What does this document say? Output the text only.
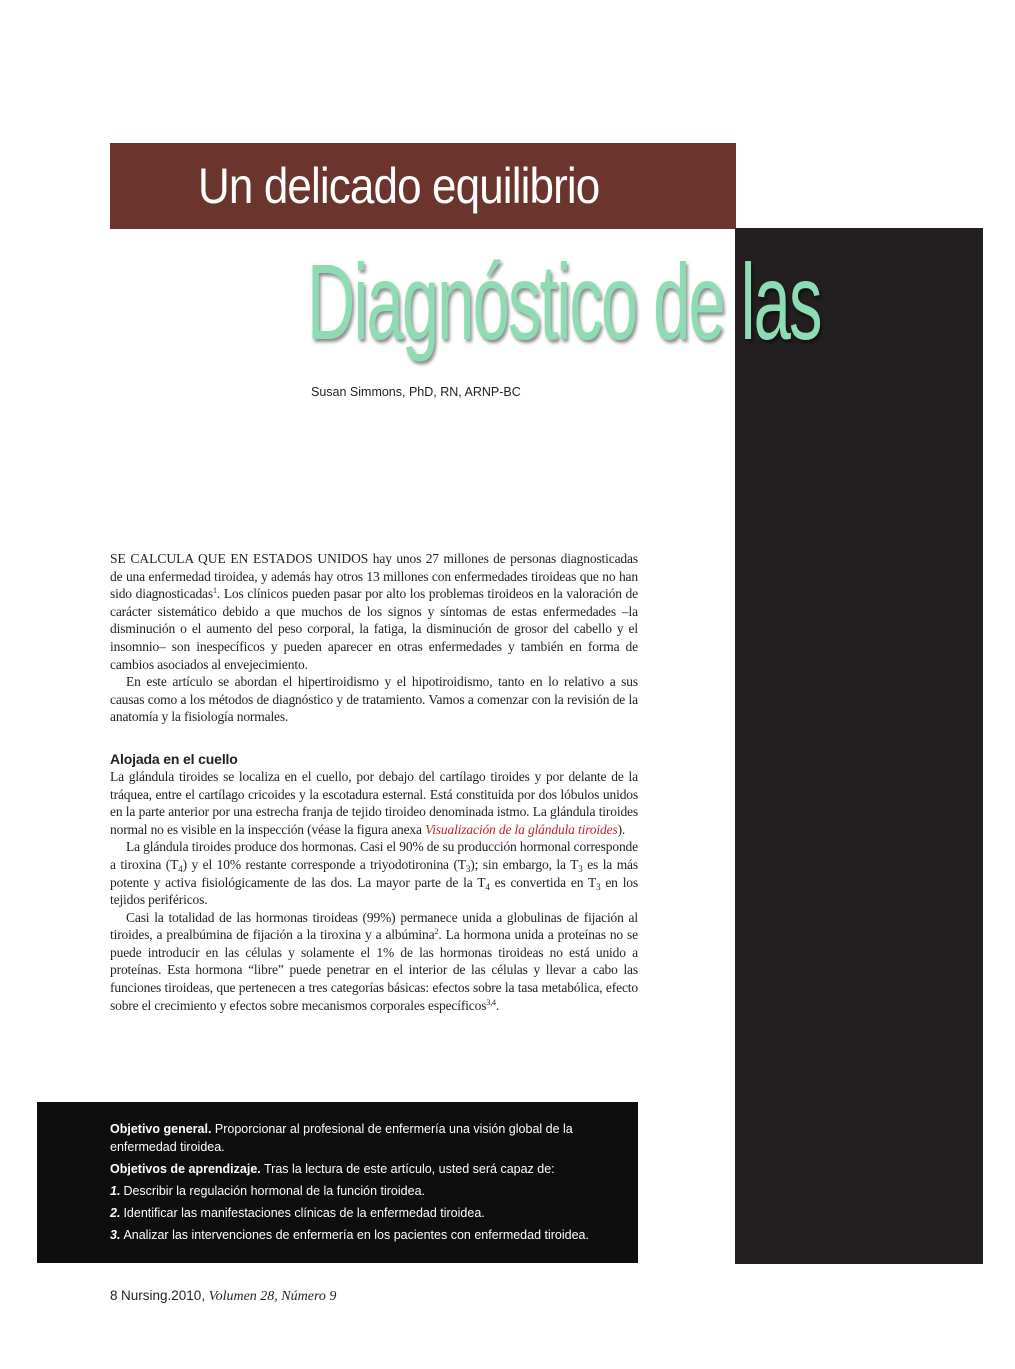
Un delicado equilibrio
Diagnóstico de las
Susan Simmons, PhD, RN, ARNP-BC

SE CALCULA QUE EN ESTADOS UNIDOS hay unos 27 millones de personas diagnosticadas de una enfermedad tiroidea, y además hay otros 13 millones con enfermedades tiroideas que no han sido diagnosticadas$^1$. Los clínicos pueden pasar por alto los problemas tiroideos en la valoración de carácter sistemático debido a que muchos de los signos y síntomas de estas enfermedades –la disminución o el aumento del peso corporal, la fatiga, la disminución de grosor del cabello y el insomnio– son inespecíficos y pueden aparecer en otras enfermedades y también en forma de cambios asociados al envejecimiento.

En este artículo se abordan el hipertiroidismo y el hipotiroidismo, tanto en lo relativo a sus causas como a los métodos de diagnóstico y de tratamiento. Vamos a comenzar con la revisión de la anatomía y la fisiología normales.

Alojada en el cuello

La glándula tiroides se localiza en el cuello, por debajo del cartílago tiroides y por delante de la tráquea, entre el cartílago cricoides y la escotadura esternal. Está constituida por dos lóbulos unidos en la parte anterior por una estrecha franja de tejido tiroideo denominada istmo. La glándula tiroides normal no es visible en la inspección (véase la figura anexa Visualización de la glándula tiroides).

La glándula tiroides produce dos hormonas. Casi el 90% de su producción hormonal corresponde a tiroxina $(T_4)$ y el 10% restante corresponde a triyodotironina $(T_3)$; sin embargo, la $T_3$ es la más potente y activa fisiológicamente de las dos. La mayor parte de la $T_4$ es convertida en $T_3$ en los tejidos periféricos.

Casi la totalidad de las hormonas tiroideas (99%) permanece unida a globulinas de fijación al tiroides, a prealbúmina de fijación a la tiroxina y a albúmina$^2$. La hormona unida a proteínas no se puede introducir en las células y solamente el 1% de las hormonas tiroideas no está unido a proteínas. Esta hormona “libre” puede penetrar en el interior de las células y llevar a cabo las funciones tiroideas, que pertenecen a tres categorías básicas: efectos sobre la tasa metabólica, efecto sobre el crecimiento y efectos sobre mecanismos corporales específicos$^{3,4}$.

Objetivo general. Proporcionar al profesional de enfermería una visión global de la enfermedad tiroidea.

Objetivos de aprendizaje. Tras la lectura de este artículo, usted será capaz de:

1. Describir la regulación hormonal de la función tiroidea.
2. Identificar las manifestaciones clínicas de la enfermedad tiroidea.
3. Analizar las intervenciones de enfermería en los pacientes con enfermedad tiroidea.
8 Nursing.2010, Volumen 28, Número 9
